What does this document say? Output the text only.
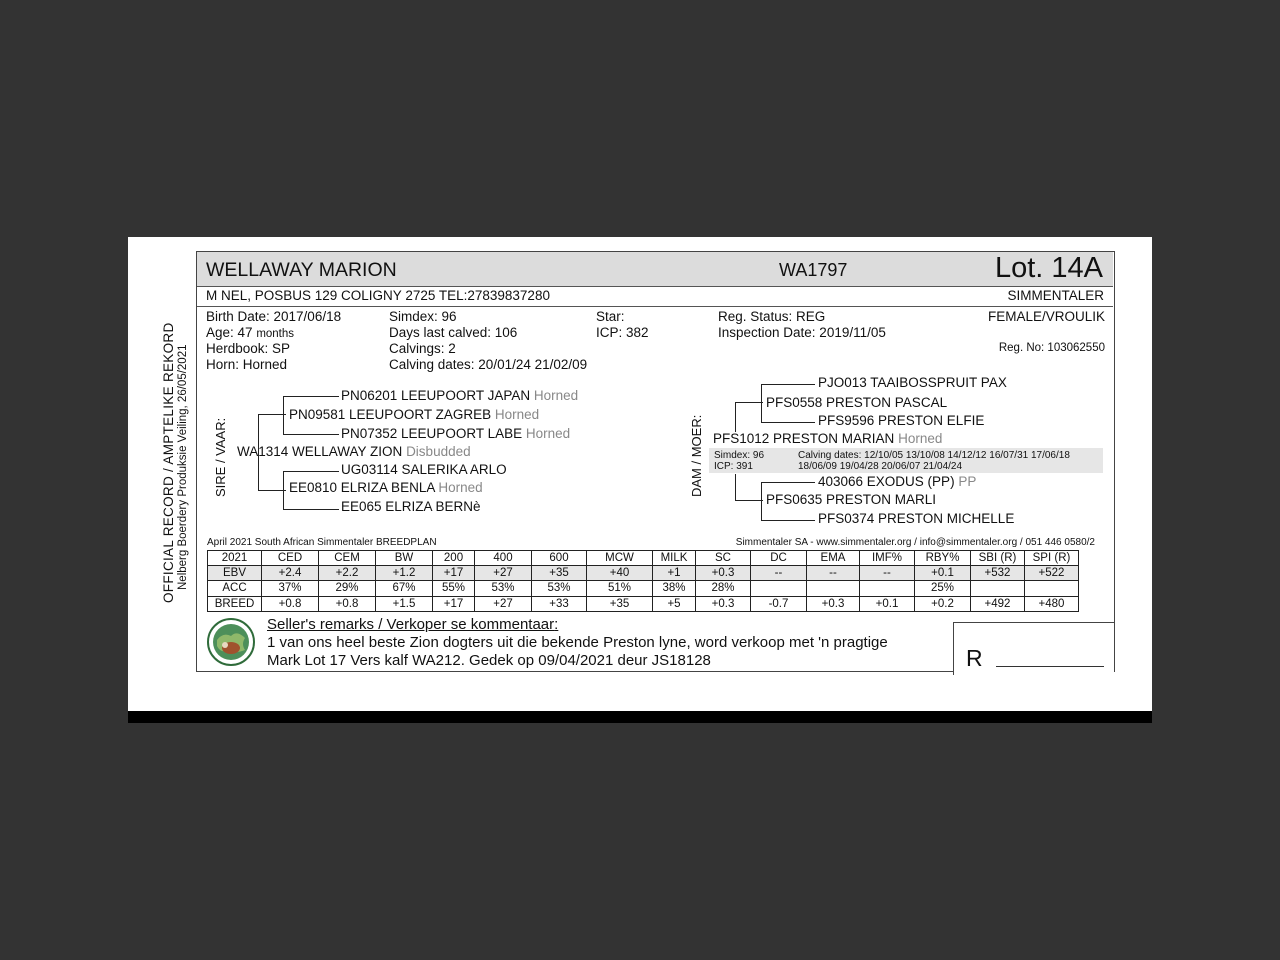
OFFICIAL RECORD / AMPTELIKE REKORD Nelberg Boerdery Produksie Veiling, 26/05/2021
WELLAWAY MARION	WA1797	Lot. 14A
M NEL, POSBUS 129 COLIGNY 2725 TEL:27839837280	SIMMENTALER
Birth Date: 2017/06/18
Age: 47 months
Herdbook: SP
Horn: Horned
Simdex: 96
Days last calved: 106
Calvings: 2
Calving dates: 20/01/24 21/02/09
Star:
ICP: 382
Reg. Status: REG
Inspection Date: 2019/11/05
FEMALE/VROULIK
Reg. No: 103062550
SIRE / VAAR:
PN06201 LEEUPOORT JAPAN Horned
PN09581 LEEUPOORT ZAGREB Horned
PN07352 LEEUPOORT LABE Horned
WA1314 WELLAWAY ZION Disbudded
UG03114 SALERIKA ARLO
EE0810 ELRIZA BENLA Horned
EE065 ELRIZA BERNè
DAM / MOER: Simdex: 96
ICP: 391
Calving dates: 12/10/05 13/10/08 14/12/12 16/07/31 17/06/18
18/06/09 19/04/28 20/06/07 21/04/24
PJO013 TAAIBOSSPRUIT PAX
PFS0558 PRESTON PASCAL
PFS9596 PRESTON ELFIE
PFS1012 PRESTON MARIAN Horned
403066 EXODUS (PP) PP
PFS0635 PRESTON MARLI
PFS0374 PRESTON MICHELLE
April 2021 South African Simmentaler BREEDPLAN	Simmentaler SA - www.simmentaler.org / info@simmentaler.org / 051 446 0580/2
2021	CED	CEM	BW	200	400	600	MCW	MILK	SC	DC	EMA	IMF%	RBY%	SBI (R)	SPI (R)
EBV	+2.4	+2.2	+1.2	+17	+27	+35	+40	+1	+0.3	--	--	--	+0.1	+532	+522
ACC	37%	29%	67%	55%	53%	53%	51%	38%	28%				25%		
BREED	+0.8	+0.8	+1.5	+17	+27	+33	+35	+5	+0.3	-0.7	+0.3	+0.1	+0.2	+492	+480
Seller's remarks / Verkoper se kommentaar:
1 van ons heel beste Zion dogters uit die bekende Preston lyne, word verkoop met 'n pragtige
Mark Lot 17 Vers kalf WA212. Gedek op 09/04/2021 deur JS18128	R
